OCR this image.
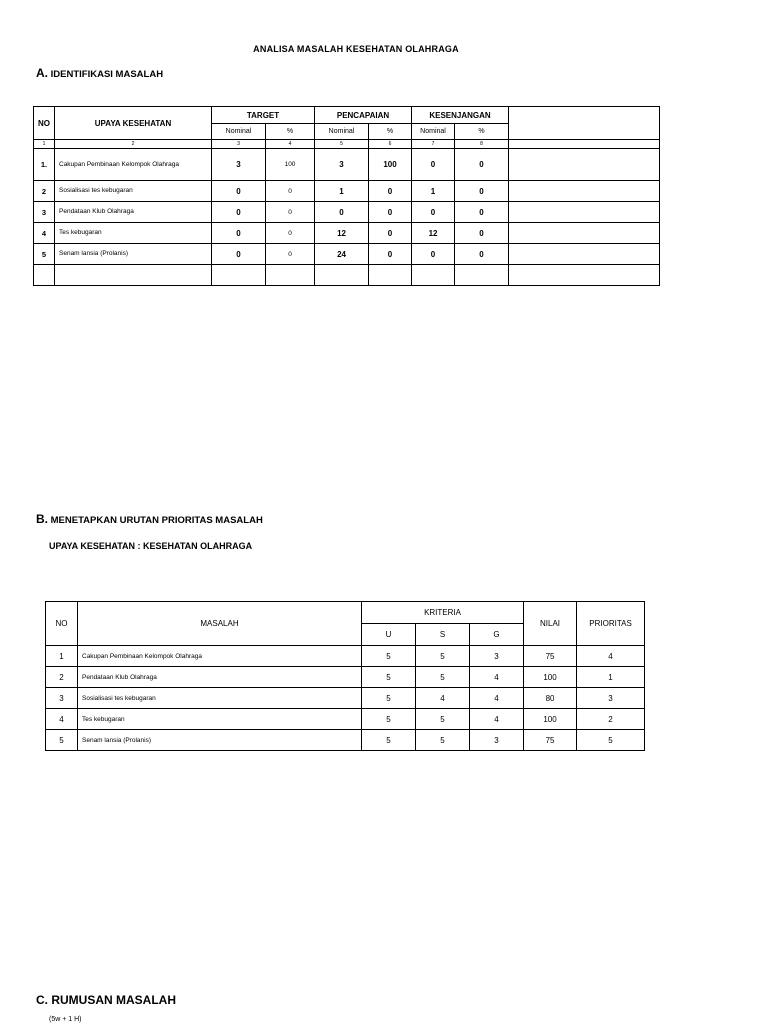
ANALISA MASALAH KESEHATAN OLAHRAGA
A. IDENTIFIKASI MASALAH
NO	UPAYA KESEHATAN	TARGET		PENCAPAIAN		KESENJANGAN		
		Nominal	%	Nominal	%	Nominal	%	
1	2	3	4	5	6	7	8	
1.	Cakupan Pembinaan Kelompok Olahraga	3	100	3	100	0	0	
2	Sosialisasi tes kebugaran	0	0	1	0	1	0	
3	Pendataan Klub Olahraga	0	0	0	0	0	0	
4	Tes kebugaran	0	0	12	0	12	0	
5	Senam lansia (Prolanis)	0	0	24	0	0	0	

B. MENETAPKAN URUTAN PRIORITAS MASALAH
UPAYA KESEHATAN : KESEHATAN OLAHRAGA
NO	MASALAH	KRITERIA			NILAI	PRIORITAS
		U	S	G		
1	Cakupan Pembinaan Kelompok Olahraga	5	5	3	75	4
2	Pendataan Klub Olahraga	5	5	4	100	1
3	Sosialisasi tes kebugaran	5	4	4	80	3
4	Tes kebugaran	5	5	4	100	2
5	Senam lansia (Prolanis)	5	5	3	75	5
C. RUMUSAN MASALAH
(5w + 1 H)
